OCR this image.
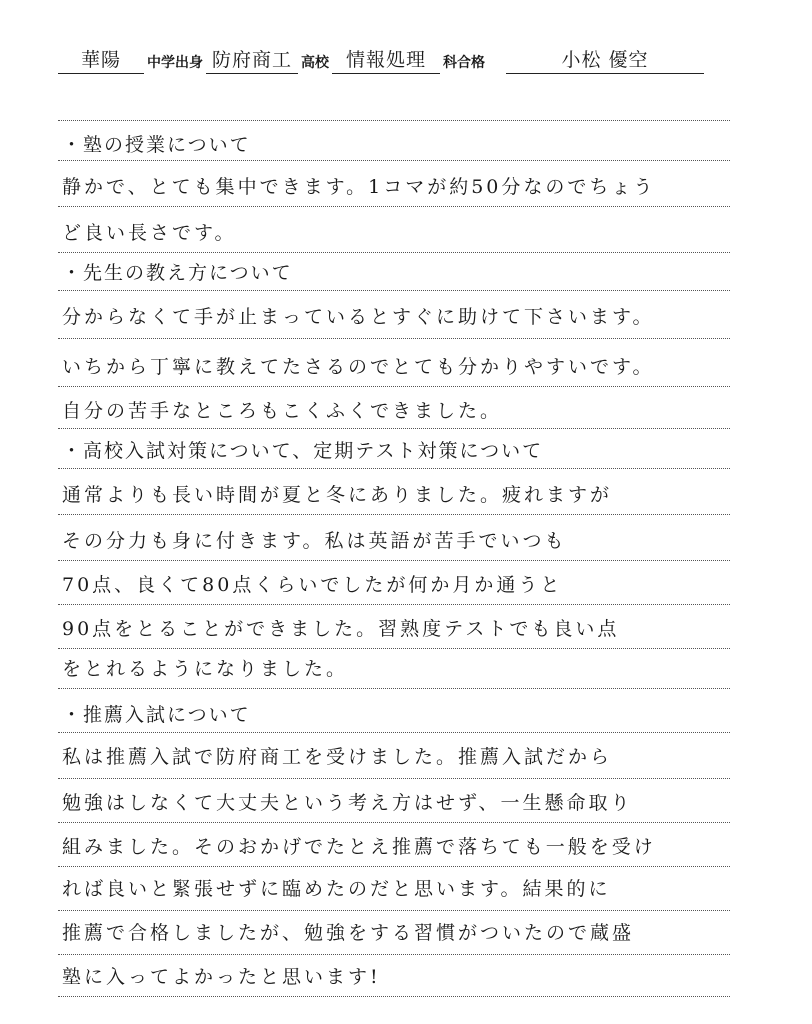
華陽	中学出身 防府商工 高校 情報処理	科合格	小松 優空
・塾の授業について
静かで、とても集中できます。1コマが約50分なのでちょう
ど良い長さです。
・先生の教え方について
分からなくて手が止まっているとすぐに助けて下さいます。
いちから丁寧に教えてたさるのでとても分かりやすいです。
自分の苦手なところもこくふくできました。
・高校入試対策について、定期テスト対策について
通常よりも長い時間が夏と冬にありました。疲れますが
その分力も身に付きます。私は英語が苦手でいつも
70点、良くて80点くらいでしたが何か月か通うと
90点をとることができました。習熟度テストでも良い点
をとれるようになりました。
・推薦入試について
私は推薦入試で防府商工を受けました。推薦入試だから
勉強はしなくて大丈夫という考え方はせず、一生懸命取り
組みました。そのおかげでたとえ推薦で落ちても一般を受け
れば良いと緊張せずに臨めたのだと思います。結果的に
推薦で合格しましたが、勉強をする習慣がついたので蔵盛
塾に入ってよかったと思います!
